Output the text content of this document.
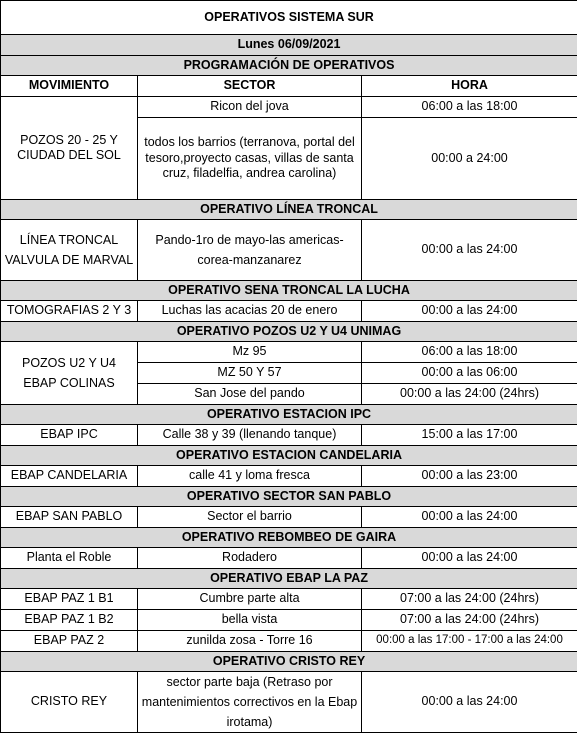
OPERATIVOS SISTEMA SUR		
Lunes 06/09/2021		
PROGRAMACIÓN DE OPERATIVOS		
MOVIMIENTO	SECTOR	HORA
POZOS 20 - 25 Y CIUDAD DEL SOL	Ricon del jova	06:00 a las 18:00
	todos los barrios (terranova, portal del tesoro,proyecto casas, villas de santa cruz, filadelfia, andrea carolina)	00:00 a 24:00
OPERATIVO LÍNEA TRONCAL		
LÍNEA TRONCAL VALVULA DE MARVAL	Pando-1ro de mayo-las americas-corea-manzanarez	00:00 a las 24:00
OPERATIVO SENA TRONCAL LA LUCHA		
TOMOGRAFIAS 2 Y 3	Luchas las acacias 20 de enero	00:00 a las 24:00
OPERATIVO POZOS U2 Y U4 UNIMAG		
POZOS U2 Y U4 EBAP COLINAS	Mz 95	06:00 a las 18:00
	MZ 50 Y 57	00:00 a las 06:00
	San Jose del pando	00:00 a las 24:00 (24hrs)
OPERATIVO ESTACION IPC		
EBAP IPC	Calle 38 y 39 (llenando tanque)	15:00 a las 17:00
OPERATIVO ESTACION CANDELARIA		
EBAP CANDELARIA	calle 41 y loma fresca	00:00 a las 23:00
OPERATIVO SECTOR SAN PABLO		
EBAP SAN PABLO	Sector el barrio	00:00 a las 24:00
OPERATIVO REBOMBEO DE GAIRA		
Planta el Roble	Rodadero	00:00 a las 24:00
OPERATIVO EBAP LA PAZ		
EBAP PAZ 1 B1	Cumbre parte alta	07:00 a las 24:00 (24hrs)
EBAP PAZ 1 B2	bella vista	07:00 a las 24:00 (24hrs)
EBAP PAZ 2	zunilda zosa - Torre 16	00:00 a las 17:00 - 17:00 a las 24:00
OPERATIVO CRISTO REY		
CRISTO REY	sector parte baja (Retraso por mantenimientos correctivos en la Ebap irotama)	00:00 a las 24:00
